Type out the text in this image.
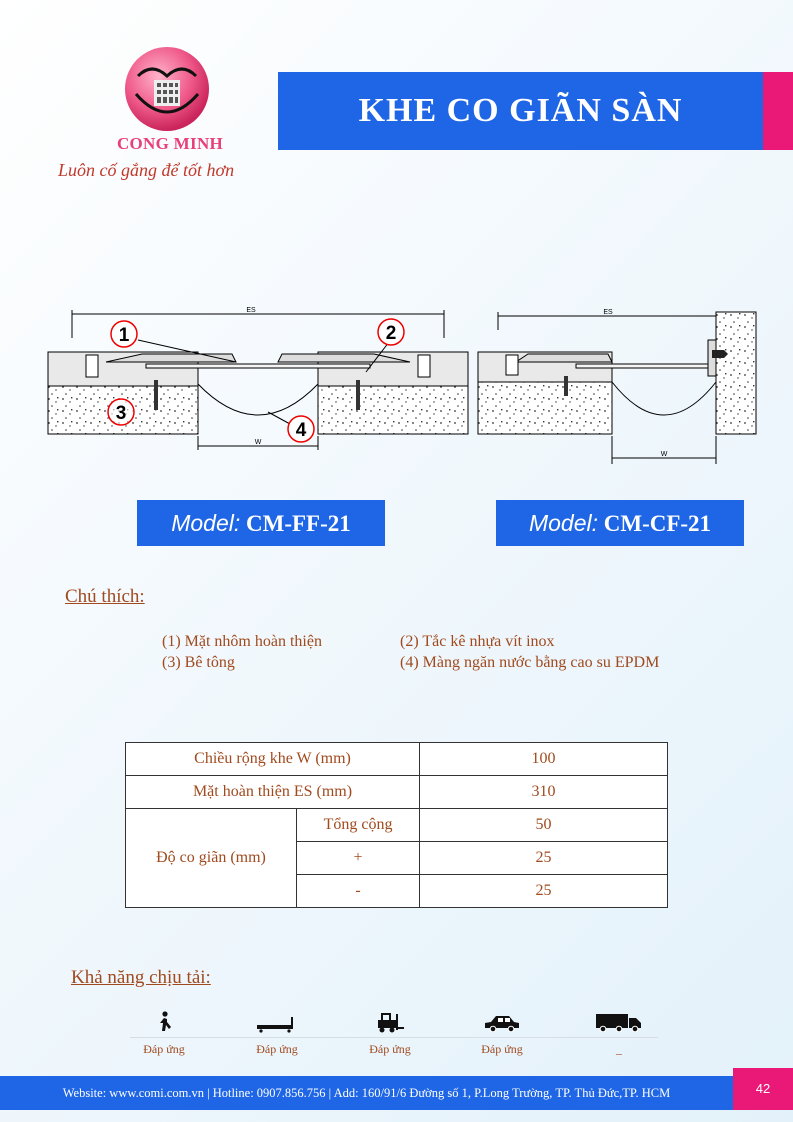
CONG MINH
Luôn cố gắng để tốt hơn
KHE CO GIÃN SÀN
ES
W
1	2
3
4
ES
W
Model: CM-FF-21	Model: CM-CF-21
Chú thích:
(1) Mặt nhôm hoàn thiện	(2) Tắc kê nhựa vít inox
(3) Bê tông	(4) Màng ngăn nước bằng cao su EPDM
Chiều rộng khe W (mm)		100
Mặt hoàn thiện ES (mm)		310
Độ co giãn (mm)	Tổng cộng	50
	+	25
	-	25
Khả năng chịu tải:
Đáp ứng	Đáp ứng	Đáp ứng	Đáp ứng	_
Website: www.comi.com.vn | Hotline: 0907.856.756 | Add: 160/91/6 Đường số 1, P.Long Trường, TP. Thủ Đức,TP. HCM	42
